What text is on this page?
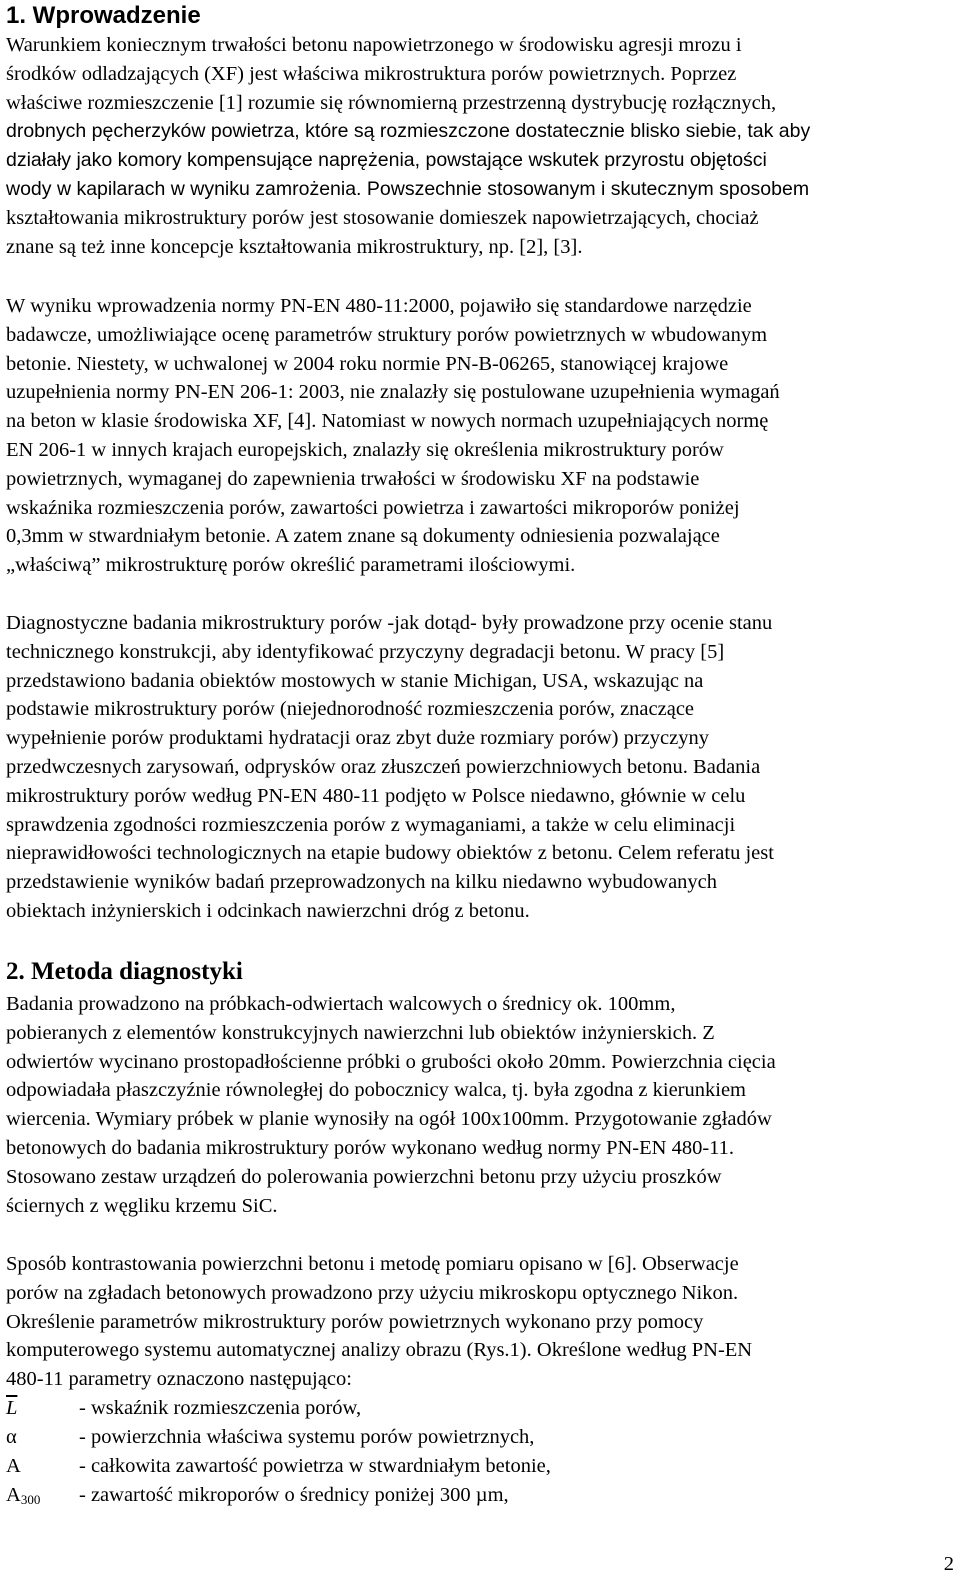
1. Wprowadzenie
Warunkiem koniecznym trwałości betonu napowietrzonego w środowisku agresji mrozu i
środków odladzających (XF) jest właściwa mikrostruktura porów powietrznych. Poprzez
właściwe rozmieszczenie [1] rozumie się równomierną przestrzenną dystrybucję rozłącznych,
drobnych pęcherzyków powietrza, które są rozmieszczone dostatecznie blisko siebie, tak aby
działały jako komory kompensujące naprężenia, powstające wskutek przyrostu objętości
wody w kapilarach w wyniku zamrożenia. Powszechnie stosowanym i skutecznym sposobem
kształtowania mikrostruktury porów jest stosowanie domieszek napowietrzających, chociaż
znane są też inne koncepcje kształtowania mikrostruktury, np. [2], [3].
W wyniku wprowadzenia normy PN-EN 480-11:2000, pojawiło się standardowe narzędzie
badawcze, umożliwiające ocenę parametrów struktury porów powietrznych w wbudowanym
betonie. Niestety, w uchwalonej w 2004 roku normie PN-B-06265, stanowiącej krajowe
uzupełnienia normy PN-EN 206-1: 2003, nie znalazły się postulowane uzupełnienia wymagań
na beton w klasie środowiska XF, [4]. Natomiast w nowych normach uzupełniających normę
EN 206-1 w innych krajach europejskich, znalazły się określenia mikrostruktury porów
powietrznych, wymaganej do zapewnienia trwałości w środowisku XF na podstawie
wskaźnika rozmieszczenia porów, zawartości powietrza i zawartości mikroporów poniżej
0,3mm w stwardniałym betonie. A zatem znane są dokumenty odniesienia pozwalające
„właściwą” mikrostrukturę porów określić parametrami ilościowymi.
Diagnostyczne badania mikrostruktury porów -jak dotąd- były prowadzone przy ocenie stanu
technicznego konstrukcji, aby identyfikować przyczyny degradacji betonu. W pracy [5]
przedstawiono badania obiektów mostowych w stanie Michigan, USA, wskazując na
podstawie mikrostruktury porów (niejednorodność rozmieszczenia porów, znaczące
wypełnienie porów produktami hydratacji oraz zbyt duże rozmiary porów) przyczyny
przedwczesnych zarysowań, odprysków oraz złuszczeń powierzchniowych betonu. Badania
mikrostruktury porów według PN-EN 480-11 podjęto w Polsce niedawno, głównie w celu
sprawdzenia zgodności rozmieszczenia porów z wymaganiami, a także w celu eliminacji
nieprawidłowości technologicznych na etapie budowy obiektów z betonu. Celem referatu jest
przedstawienie wyników badań przeprowadzonych na kilku niedawno wybudowanych
obiektach inżynierskich i odcinkach nawierzchni dróg z betonu.
2. Metoda diagnostyki
Badania prowadzono na próbkach-odwiertach walcowych o średnicy ok. 100mm,
pobieranych z elementów konstrukcyjnych nawierzchni lub obiektów inżynierskich. Z
odwiertów wycinano prostopadłościenne próbki o grubości około 20mm. Powierzchnia cięcia
odpowiadała płaszczyźnie równoległej do pobocznicy walca, tj. była zgodna z kierunkiem
wiercenia. Wymiary próbek w planie wynosiły na ogół 100x100mm. Przygotowanie zgładów
betonowych do badania mikrostruktury porów wykonano według normy PN-EN 480-11.
Stosowano zestaw urządzeń do polerowania powierzchni betonu przy użyciu proszków
ściernych z węgliku krzemu SiC.
Sposób kontrastowania powierzchni betonu i metodę pomiaru opisano w [6]. Obserwacje
porów na zgładach betonowych prowadzono przy użyciu mikroskopu optycznego Nikon.
Określenie parametrów mikrostruktury porów powietrznych wykonano przy pomocy
komputerowego systemu automatycznej analizy obrazu (Rys.1). Określone według PN-EN
480-11 parametry oznaczono następująco:
$\overline{L}$	- wskaźnik rozmieszczenia porów,
α	- powierzchnia właściwa systemu porów powietrznych,
A	- całkowita zawartość powietrza w stwardniałym betonie,
$A_{300}$	- zawartość mikroporów o średnicy poniżej 300 µm,
2
